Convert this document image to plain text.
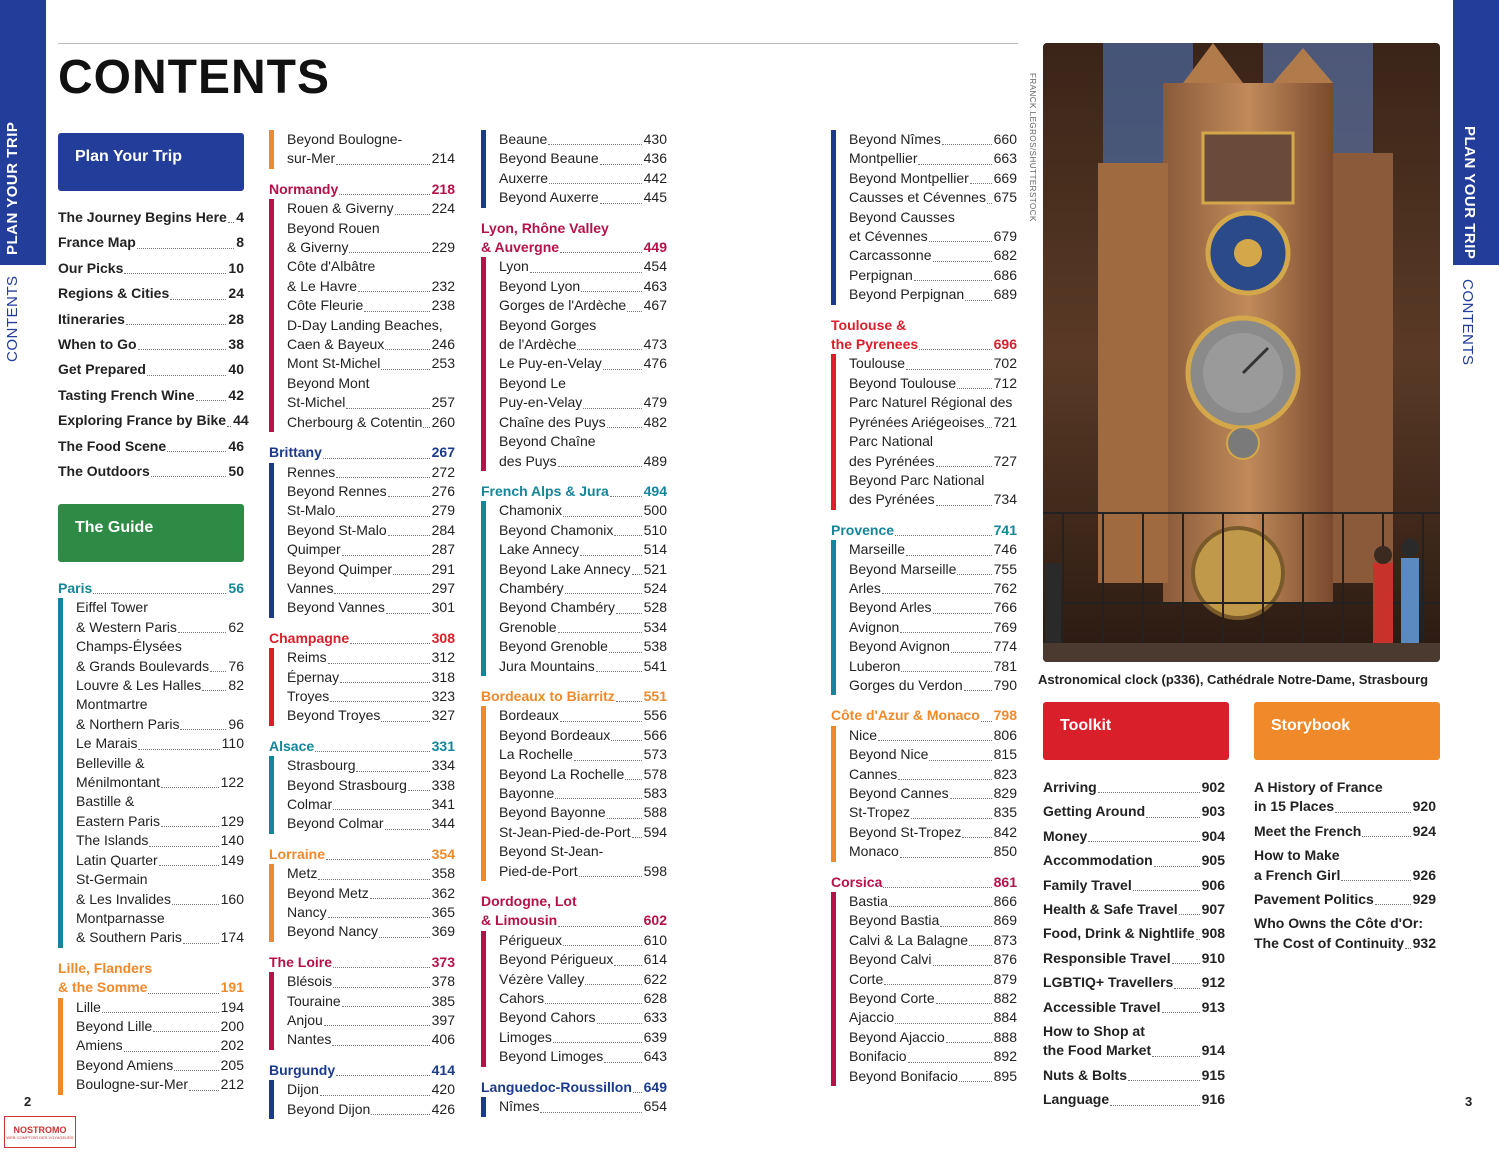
PLAN YOUR TRIP
CONTENTS
PLAN YOUR TRIP
CONTENTS
CONTENTS
Plan Your Trip
The Journey Begins Here 4
France Map	8
Our Picks	10
Regions & Cities	24
Itineraries	28
When to Go	38
Get Prepared	40
Tasting French Wine 42
Exploring France by Bike 44
The Food Scene	46
The Outdoors	50
The Guide
Paris	56
Eiffel Tower
& Western Paris	62
Champs-Élysées
& Grands Boulevards 76
Louvre & Les Halles 82
Montmartre
& Northern Paris	96
Le Marais	110
Belleville &
Ménilmontant	122
Bastille &
Eastern Paris	129
The Islands	140
Latin Quarter	149
St-Germain
& Les Invalides	160
Montparnasse
& Southern Paris	174
Lille, Flanders
& the Somme	191
Lille	194
Beyond Lille	200
Amiens	202
Beyond Amiens	205
Boulogne-sur-Mer 212
Beyond Boulogne-
sur-Mer	214
Normandy	218
Rouen & Giverny	224
Beyond Rouen
& Giverny	229
Côte d'Albâtre
& Le Havre	232
Côte Fleurie	238
D-Day Landing Beaches,
Caen & Bayeux	246
Mont St-Michel	253
Beyond Mont
St-Michel	257
Cherbourg & Cotentin 260
Brittany	267
Rennes	272
Beyond Rennes	276
St-Malo	279
Beyond St-Malo	284
Quimper	287
Beyond Quimper	291
Vannes	297
Beyond Vannes	301
Champagne	308
Reims	312
Épernay	318
Troyes	323
Beyond Troyes	327
Alsace	331
Strasbourg	334
Beyond Strasbourg 338
Colmar	341
Beyond Colmar	344
Lorraine	354
Metz	358
Beyond Metz	362
Nancy	365
Beyond Nancy	369
The Loire	373
Blésois	378
Touraine	385
Anjou	397
Nantes	406
Burgundy	414
Dijon	420
Beyond Dijon	426
Beaune	430
Beyond Beaune	436
Auxerre	442
Beyond Auxerre	445
Lyon, Rhône Valley
& Auvergne	449
Lyon	454
Beyond Lyon	463
Gorges de l'Ardèche 467
Beyond Gorges
de l'Ardèche	473
Le Puy-en-Velay	476
Beyond Le
Puy-en-Velay	479
Chaîne des Puys	482
Beyond Chaîne
des Puys	489
French Alps & Jura 494
Chamonix	500
Beyond Chamonix 510
Lake Annecy	514
Beyond Lake Annecy 521
Chambéry	524
Beyond Chambéry 528
Grenoble	534
Beyond Grenoble	538
Jura Mountains	541
Bordeaux to Biarritz 551
Bordeaux	556
Beyond Bordeaux 566
La Rochelle	573
Beyond La Rochelle 578
Bayonne	583
Beyond Bayonne	588
St-Jean-Pied-de-Port 594
Beyond St-Jean-
Pied-de-Port	598
Dordogne, Lot
& Limousin	602
Périgueux	610
Beyond Périgueux 614
Vézère Valley	622
Cahors	628
Beyond Cahors	633
Limoges	639
Beyond Limoges	643
Languedoc-Roussillon 649
Nîmes	654
Beyond Nîmes	660
Montpellier	663
Beyond Montpellier 669
Causses et Cévennes 675
Beyond Causses
et Cévennes	679
Carcassonne	682
Perpignan	686
Beyond Perpignan 689
Toulouse &
the Pyrenees	696
Toulouse	702
Beyond Toulouse	712
Parc Naturel Régional des
Pyrénées Ariégeoises 721
Parc National
des Pyrénées	727
Beyond Parc National
des Pyrénées	734
Provence	741
Marseille	746
Beyond Marseille	755
Arles	762
Beyond Arles	766
Avignon	769
Beyond Avignon	774
Luberon	781
Gorges du Verdon 790
Côte d'Azur & Monaco 798
Nice	806
Beyond Nice	815
Cannes	823
Beyond Cannes	829
St-Tropez	835
Beyond St-Tropez 842
Monaco	850
Corsica	861
Bastia	866
Beyond Bastia	869
Calvi & La Balagne 873
Beyond Calvi	876
Corte	879
Beyond Corte	882
Ajaccio	884
Beyond Ajaccio	888
Bonifacio	892
Beyond Bonifacio	895
FRANCK LEGROS/SHUTTERSTOCK
Astronomical clock (p336), Cathédrale Notre-Dame, Strasbourg
Toolkit	Storybook
Arriving	902
Getting Around	903
Money	904
Accommodation	905
Family Travel	906
Health & Safe Travel 907
Food, Drink & Nightlife 908
Responsible Travel 910
LGBTIQ+ Travellers 912
Accessible Travel	913
How to Shop at
the Food Market	914
Nuts & Bolts	915
Language	916
A History of France
in 15 Places	920
Meet the French	924
How to Make
a French Girl	926
Pavement Politics	929
Who Owns the Côte d'Or:
The Cost of Continuity 932
2	3
NOSTROMO
WEB COMPTOIR DES VOYAGEURS
